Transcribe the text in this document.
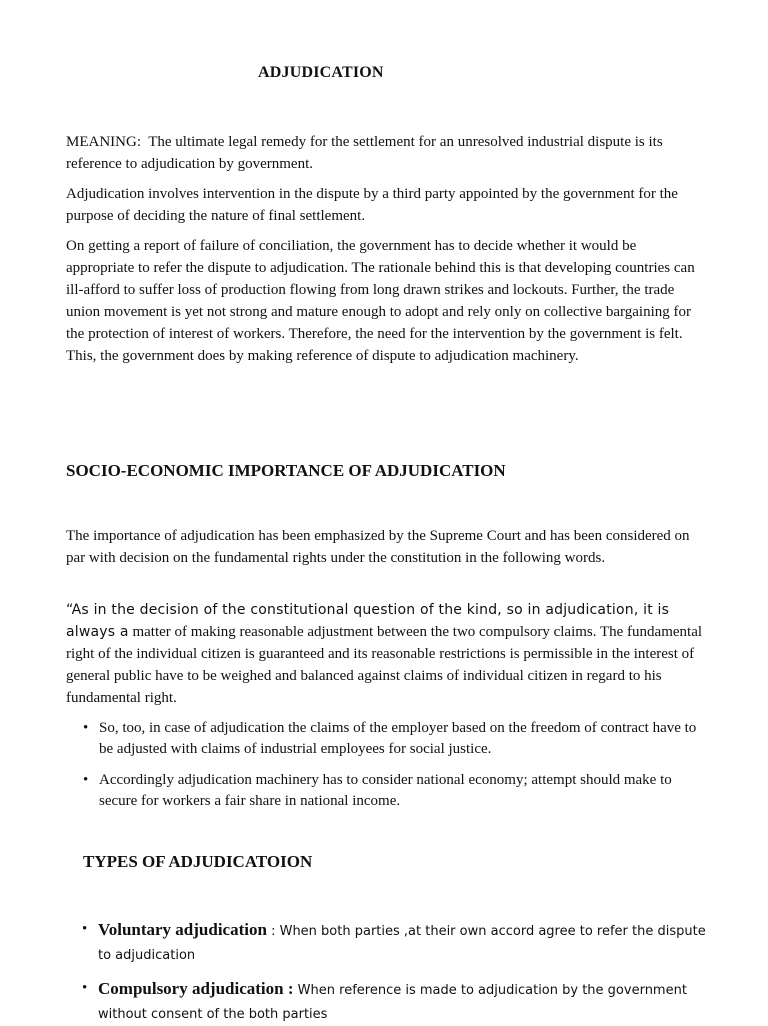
ADJUDICATION

MEANING: The ultimate legal remedy for the settlement for an unresolved industrial dispute is its reference to adjudication by government.

Adjudication involves intervention in the dispute by a third party appointed by the government for the purpose of deciding the nature of final settlement.

On getting a report of failure of conciliation, the government has to decide whether it would be appropriate to refer the dispute to adjudication. The rationale behind this is that developing countries can ill-afford to suffer loss of production flowing from long drawn strikes and lockouts. Further, the trade union movement is yet not strong and mature enough to adopt and rely only on collective bargaining for the protection of interest of workers. Therefore, the need for the intervention by the government is felt. This, the government does by making reference of dispute to adjudication machinery.

SOCIO-ECONOMIC IMPORTANCE OF ADJUDICATION

The importance of adjudication has been emphasized by the Supreme Court and has been considered on par with decision on the fundamental rights under the constitution in the following words.

“As in the decision of the constitutional question of the kind, so in adjudication, it is always a matter of making reasonable adjustment between the two compulsory claims. The fundamental right of the individual citizen is guaranteed and its reasonable restrictions is permissible in the interest of general public have to be weighed and balanced against claims of individual citizen in regard to his fundamental right.

• So, too, in case of adjudication the claims of the employer based on the freedom of contract have to be adjusted with claims of industrial employees for social justice.
• Accordingly adjudication machinery has to consider national economy; attempt should make to secure for workers a fair share in national income.
TYPES OF ADJUDICATOION
• Voluntary adjudication : When both parties ,at their own accord agree to refer the dispute to adjudication
• Compulsory adjudication : When reference is made to adjudication by the government without consent of the both parties
